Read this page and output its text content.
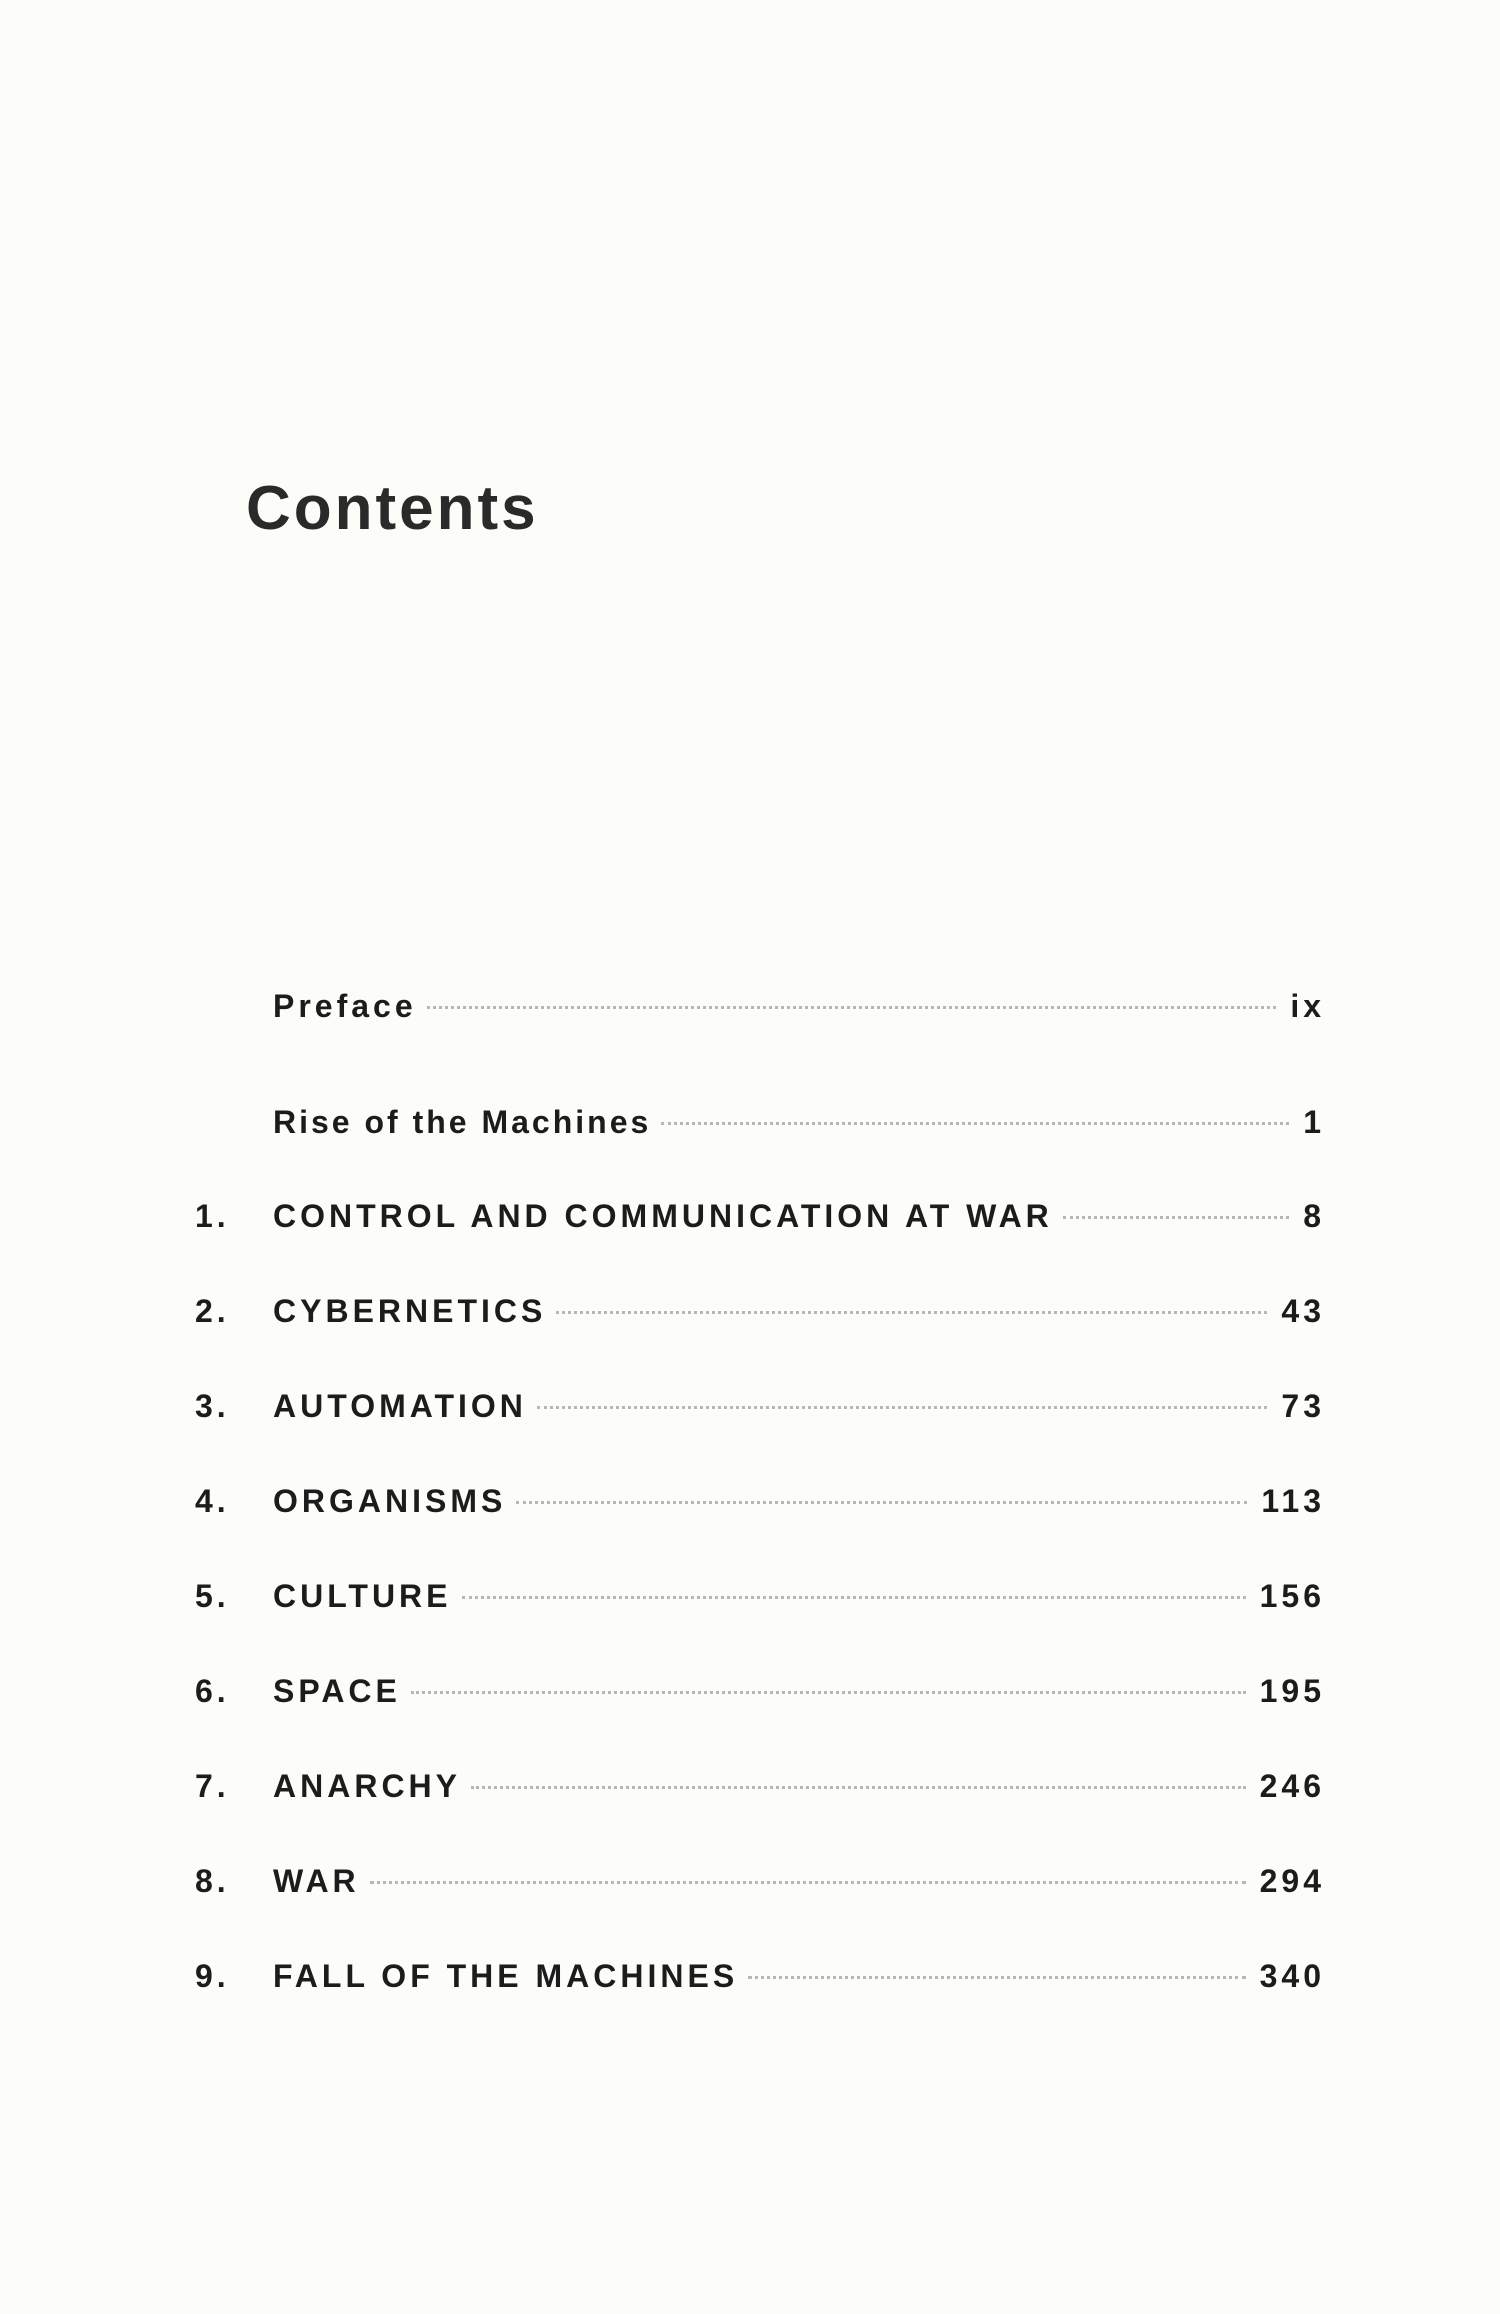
Contents
Preface	ix
Rise of the Machines	1
1.	CONTROL AND COMMUNICATION AT WAR	8
2.	CYBERNETICS	43
3.	AUTOMATION	73
4.	ORGANISMS	113
5.	CULTURE	156
6.	SPACE	195
7.	ANARCHY	246
8.	WAR	294
9.	FALL OF THE MACHINES	340
